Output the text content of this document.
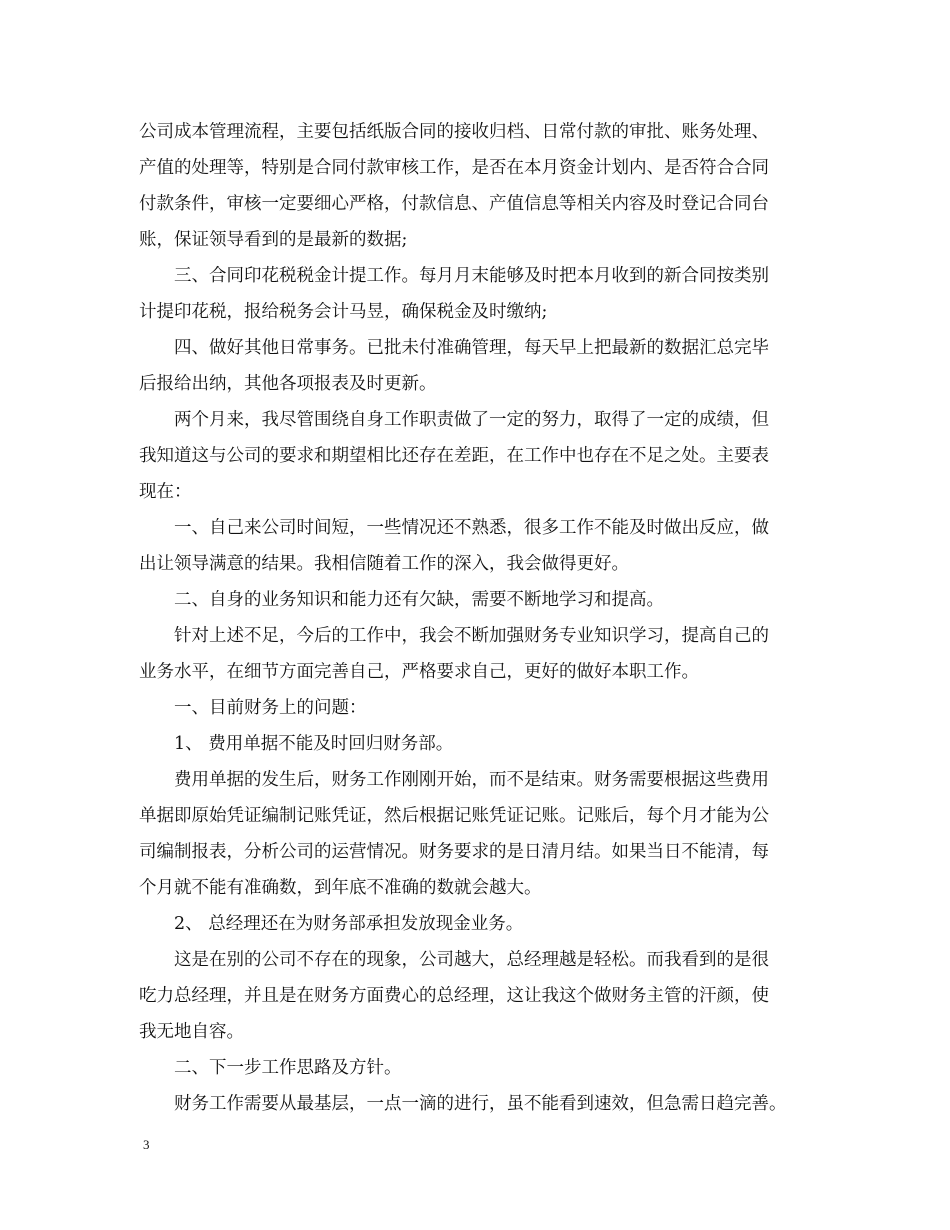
公司成本管理流程，主要包括纸版合同的接收归档、日常付款的审批、账务处理、
产值的处理等，特别是合同付款审核工作，是否在本月资金计划内、是否符合合同
付款条件，审核一定要细心严格，付款信息、产值信息等相关内容及时登记合同台
账，保证领导看到的是最新的数据;
三、合同印花税税金计提工作。每月月末能够及时把本月收到的新合同按类别
计提印花税，报给税务会计马昱，确保税金及时缴纳;
四、做好其他日常事务。已批未付准确管理，每天早上把最新的数据汇总完毕
后报给出纳，其他各项报表及时更新。
两个月来，我尽管围绕自身工作职责做了一定的努力，取得了一定的成绩，但
我知道这与公司的要求和期望相比还存在差距，在工作中也存在不足之处。主要表
现在：
一、自己来公司时间短，一些情况还不熟悉，很多工作不能及时做出反应，做
出让领导满意的结果。我相信随着工作的深入，我会做得更好。
二、自身的业务知识和能力还有欠缺，需要不断地学习和提高。
针对上述不足，今后的工作中，我会不断加强财务专业知识学习，提高自己的
业务水平，在细节方面完善自己，严格要求自己，更好的做好本职工作。
一、目前财务上的问题：
1、 费用单据不能及时回归财务部。
费用单据的发生后，财务工作刚刚开始，而不是结束。财务需要根据这些费用
单据即原始凭证编制记账凭证，然后根据记账凭证记账。记账后，每个月才能为公
司编制报表，分析公司的运营情况。财务要求的是日清月结。如果当日不能清，每
个月就不能有准确数，到年底不准确的数就会越大。
2、 总经理还在为财务部承担发放现金业务。
这是在别的公司不存在的现象，公司越大，总经理越是轻松。而我看到的是很
吃力总经理，并且是在财务方面费心的总经理，这让我这个做财务主管的汗颜，使
我无地自容。
二、下一步工作思路及方针。
财务工作需要从最基层，一点一滴的进行，虽不能看到速效，但急需日趋完善。
3
